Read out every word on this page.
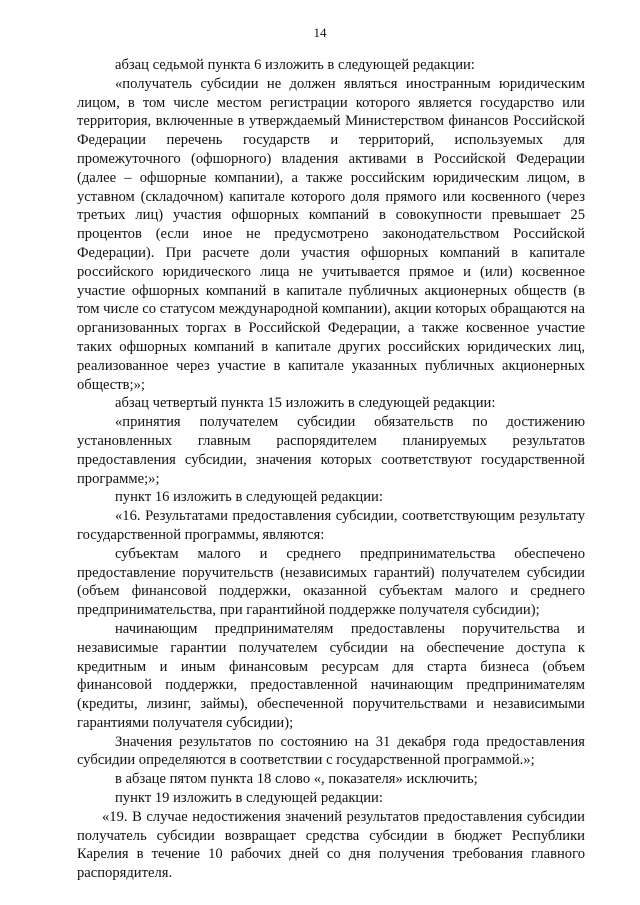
14

абзац седьмой пункта 6 изложить в следующей редакции:

«получатель субсидии не должен являться иностранным юридическим лицом, в том числе местом регистрации которого является государство или территория, включенные в утверждаемый Министерством финансов Российской Федерации перечень государств и территорий, используемых для промежуточного (офшорного) владения активами в Российской Федерации (далее – офшорные компании), а также российским юридическим лицом, в уставном (складочном) капитале которого доля прямого или косвенного (через третьих лиц) участия офшорных компаний в совокупности превышает 25 процентов (если иное не предусмотрено законодательством Российской Федерации). При расчете доли участия офшорных компаний в капитале российского юридического лица не учитывается прямое и (или) косвенное участие офшорных компаний в капитале публичных акционерных обществ (в том числе со статусом международной компании), акции которых обращаются на организованных торгах в Российской Федерации, а также косвенное участие таких офшорных компаний в капитале других российских юридических лиц, реализованное через участие в капитале указанных публичных акционерных обществ;»;

абзац четвертый пункта 15 изложить в следующей редакции:

«принятия получателем субсидии обязательств по достижению установленных главным распорядителем планируемых результатов предоставления субсидии, значения которых соответствуют государственной программе;»;

пункт 16 изложить в следующей редакции:

«16. Результатами предоставления субсидии, соответствующим результату государственной программы, являются:

субъектам малого и среднего предпринимательства обеспечено предоставление поручительств (независимых гарантий) получателем субсидии (объем финансовой поддержки, оказанной субъектам малого и среднего предпринимательства, при гарантийной поддержке получателя субсидии);

начинающим предпринимателям предоставлены поручительства и независимые гарантии получателем субсидии на обеспечение доступа к кредитным и иным финансовым ресурсам для старта бизнеса (объем финансовой поддержки, предоставленной начинающим предпринимателям (кредиты, лизинг, займы), обеспеченной поручительствами и независимыми гарантиями получателя субсидии);

Значения результатов по состоянию на 31 декабря года предоставления субсидии определяются в соответствии с государственной программой.»;

в абзаце пятом пункта 18 слово «, показателя» исключить;

пункт 19 изложить в следующей редакции:

«19. В случае недостижения значений результатов предоставления субсидии получатель субсидии возвращает средства субсидии в бюджет Республики Карелия в течение 10 рабочих дней со дня получения требования главного распорядителя.
